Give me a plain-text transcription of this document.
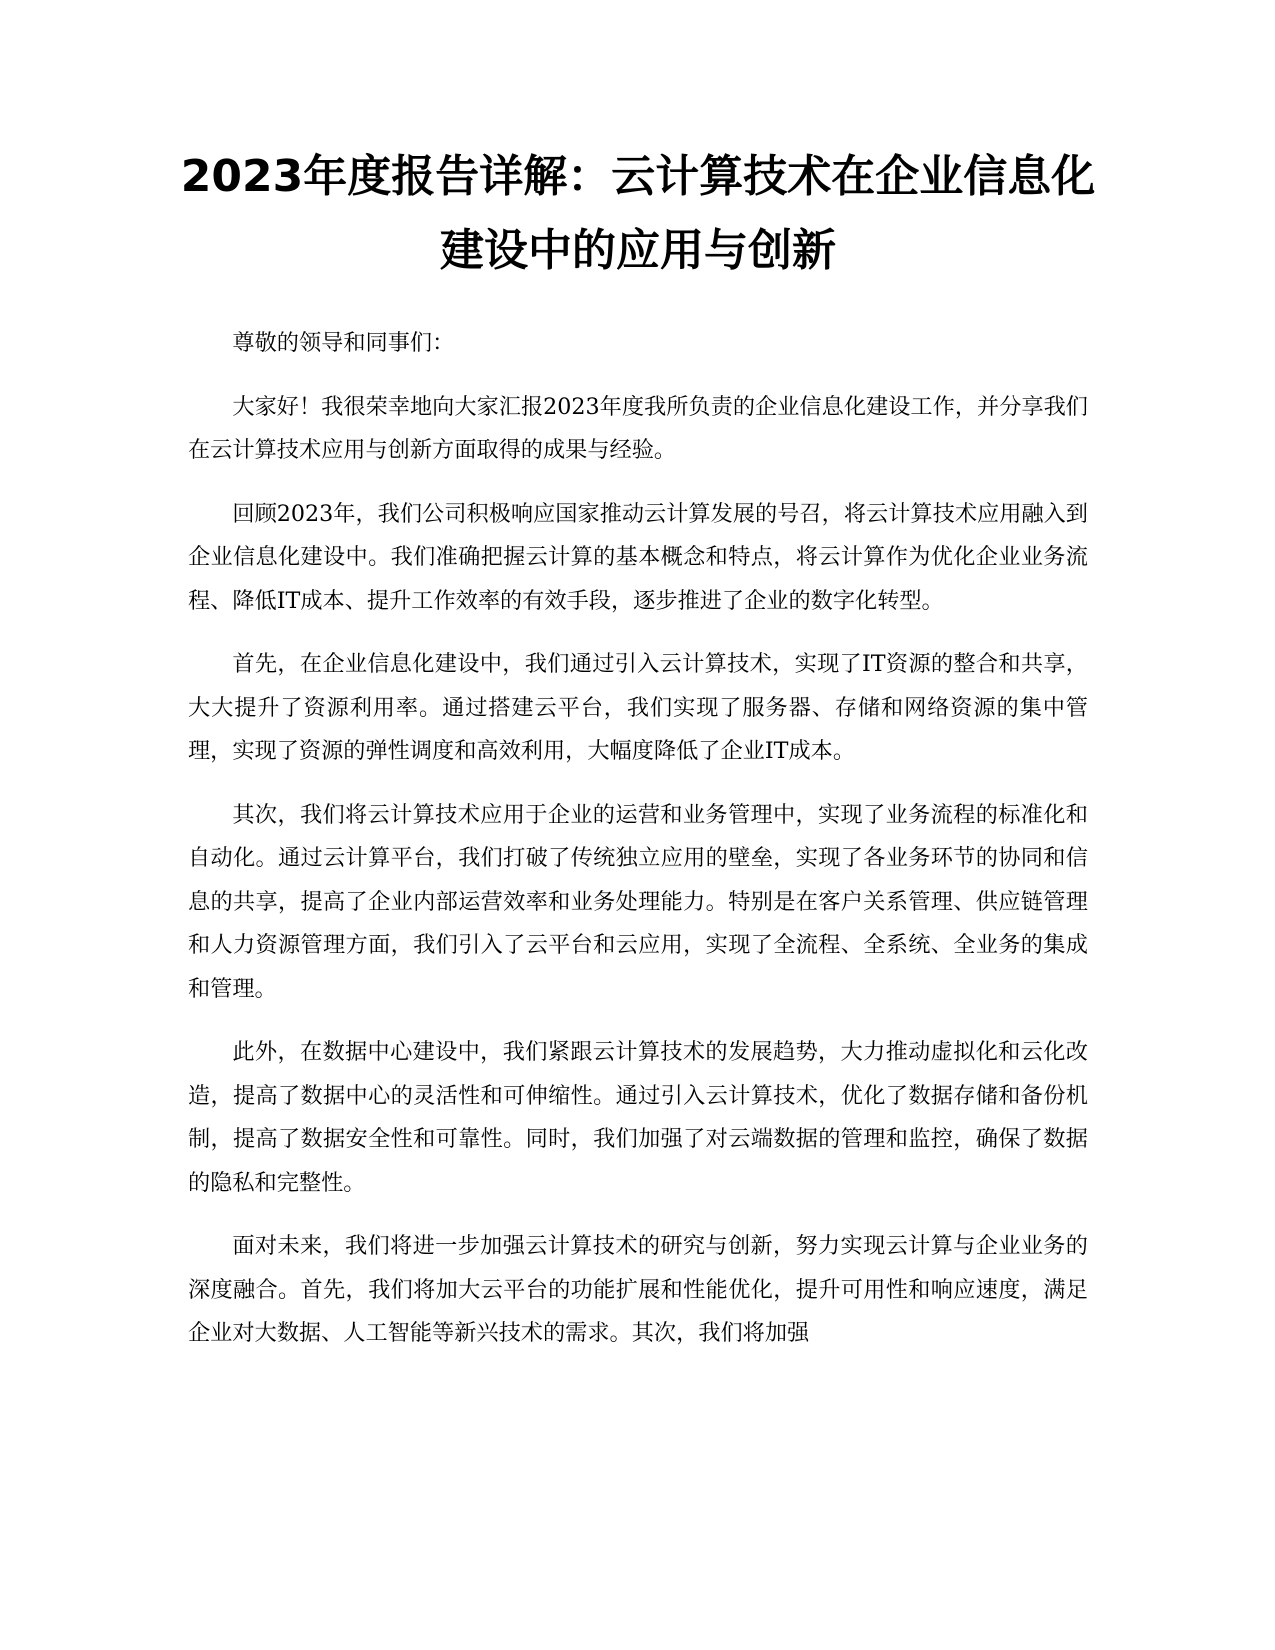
2023年度报告详解：云计算技术在企业信息化建设中的应用与创新

尊敬的领导和同事们：

大家好！我很荣幸地向大家汇报2023年度我所负责的企业信息化建设工作，并分享我们在云计算技术应用与创新方面取得的成果与经验。

回顾2023年，我们公司积极响应国家推动云计算发展的号召，将云计算技术应用融入到企业信息化建设中。我们准确把握云计算的基本概念和特点，将云计算作为优化企业业务流程、降低IT成本、提升工作效率的有效手段，逐步推进了企业的数字化转型。

首先，在企业信息化建设中，我们通过引入云计算技术，实现了IT资源的整合和共享，大大提升了资源利用率。通过搭建云平台，我们实现了服务器、存储和网络资源的集中管理，实现了资源的弹性调度和高效利用，大幅度降低了企业IT成本。

其次，我们将云计算技术应用于企业的运营和业务管理中，实现了业务流程的标准化和自动化。通过云计算平台，我们打破了传统独立应用的壁垒，实现了各业务环节的协同和信息的共享，提高了企业内部运营效率和业务处理能力。特别是在客户关系管理、供应链管理和人力资源管理方面，我们引入了云平台和云应用，实现了全流程、全系统、全业务的集成和管理。

此外，在数据中心建设中，我们紧跟云计算技术的发展趋势，大力推动虚拟化和云化改造，提高了数据中心的灵活性和可伸缩性。通过引入云计算技术，优化了数据存储和备份机制，提高了数据安全性和可靠性。同时，我们加强了对云端数据的管理和监控，确保了数据的隐私和完整性。

面对未来，我们将进一步加强云计算技术的研究与创新，努力实现云计算与企业业务的深度融合。首先，我们将加大云平台的功能扩展和性能优化，提升可用性和响应速度，满足企业对大数据、人工智能等新兴技术的需求。其次，我们将加强
